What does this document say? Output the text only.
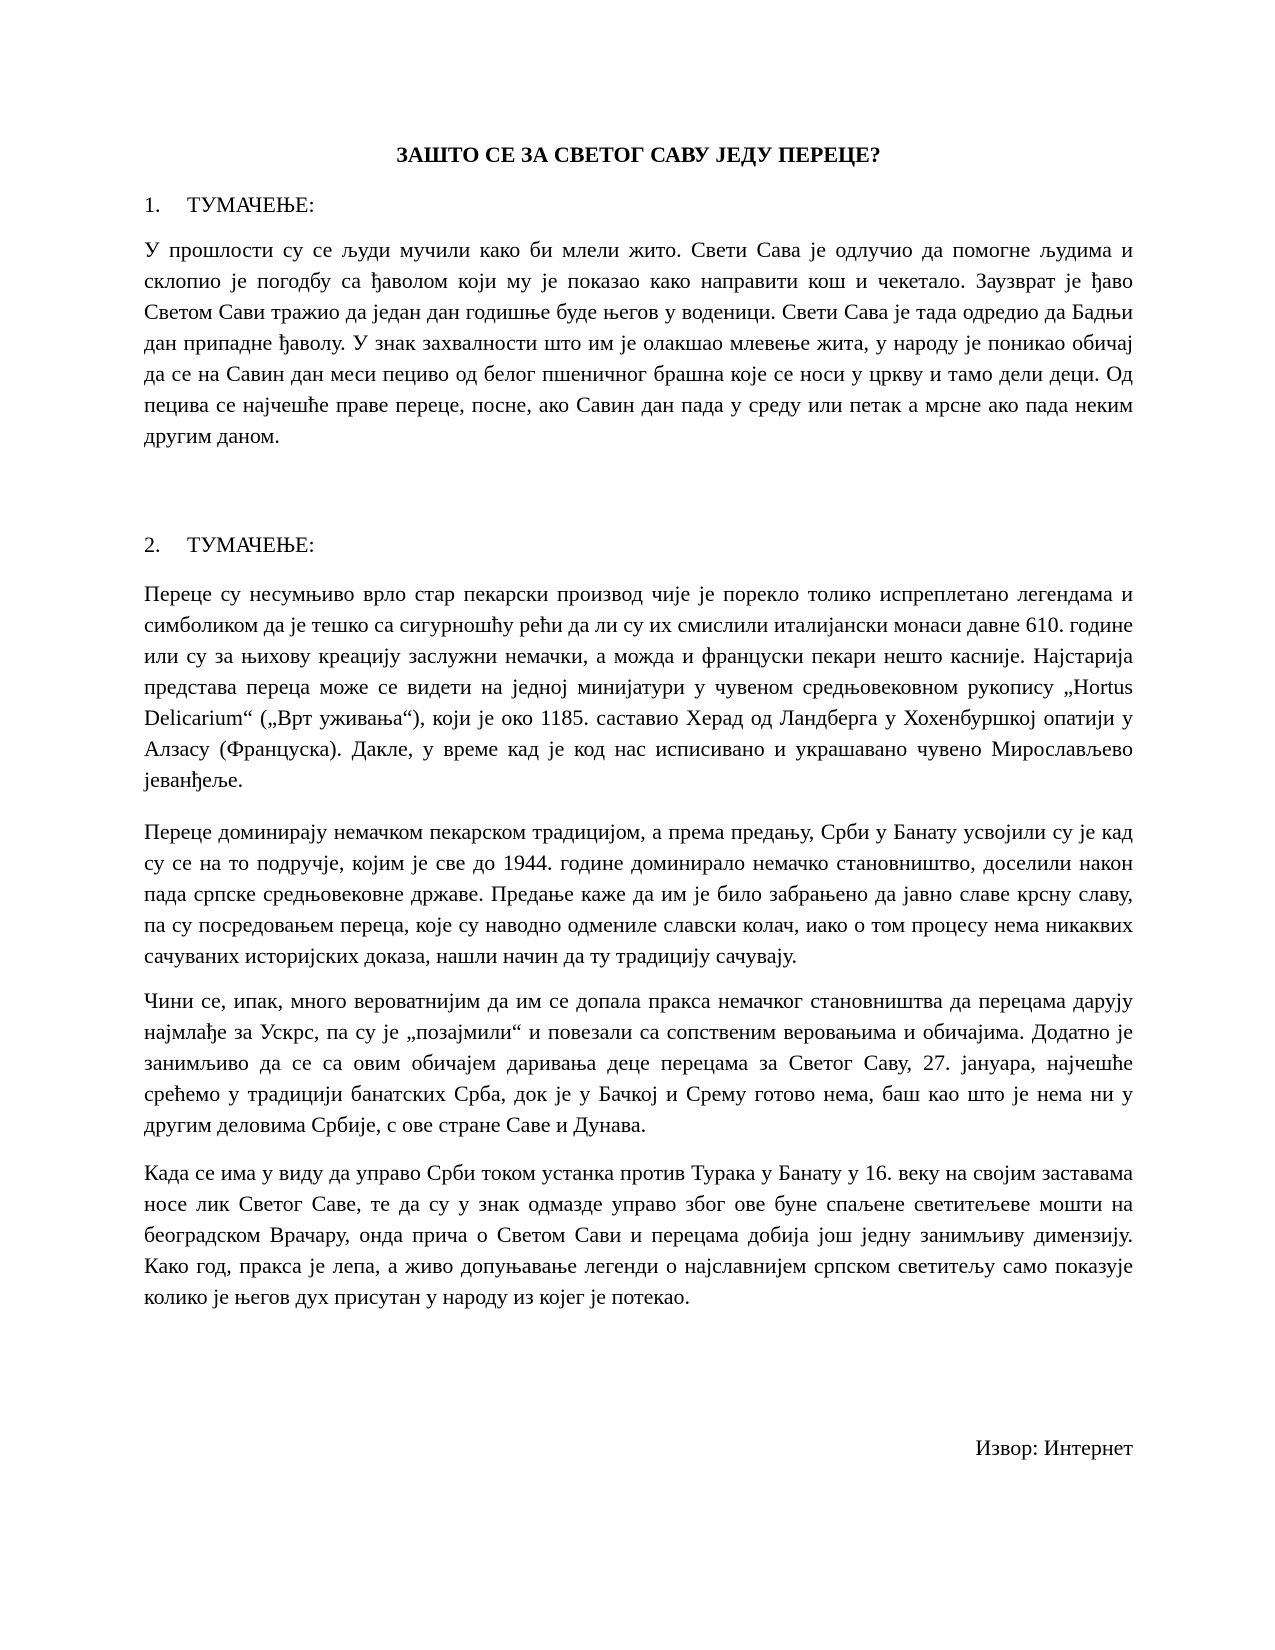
ЗАШТО СЕ ЗА СВЕТОГ САВУ ЈЕДУ ПЕРЕЦЕ?
1. ТУМАЧЕЊЕ:

У прошлости су се људи мучили како би млели жито. Свети Сава је одлучио да помогне људима и склопио је погодбу са ђаволом који му је показао како направити кош и чекетало. Заузврат је ђаво Светом Сави тражио да један дан годишње буде његов у воденици. Свети Сава је тада одредио да Бадњи дан припадне ђаволу. У знак захвалности што им је олакшао млевење жита, у народу је поникао обичај да се на Савин дан меси пециво од белог пшеничног брашна које се носи у цркву и тамо дели деци. Од пецива се најчешће праве переце, посне, ако Савин дан пада у среду или петак а мрсне ако пада неким другим даном.

2. ТУМАЧЕЊЕ:

Переце су несумњиво врло стар пекарски производ чије је порекло толико испреплетано легендама и симболиком да је тешко са сигурношћу рећи да ли су их смислили италијански монаси давне 610. године или су за њихову креацију заслужни немачки, а можда и француски пекари нешто касније. Најстарија представа переца може се видети на једној минијатури у чувеном средњовековном рукопису „Hortus Delicarium“ („Врт уживања“), који је око 1185. саставио Херад од Ландберга у Хохенбуршкој опатији у Алзасу (Француска). Дакле, у време кад је код нас исписивано и украшавано чувено Мирослављево јеванђеље.

Переце доминирају немачком пекарском традицијом, а према предању, Срби у Банату усвојили су је кад су се на то подручје, којим је све до 1944. године доминирало немачко становништво, доселили након пада српске средњовековне државе. Предање каже да им је било забрањено да јавно славе крсну славу, па су посредовањем переца, које су наводно одмениле славски колач, иако о том процесу нема никаквих сачуваних историјских доказа, нашли начин да ту традицију сачувају.

Чини се, ипак, много вероватнијим да им се допала пракса немачког становништва да перецама дарују најмлађе за Ускрс, па су је „позајмили“ и повезали са сопственим веровањима и обичајима. Додатно је занимљиво да се са овим обичајем даривања деце перецама за Светог Саву, 27. јануара, најчешће срећемо у традицији банатских Срба, док је у Бачкој и Срему готово нема, баш као што је нема ни у другим деловима Србије, с ове стране Саве и Дунава.

Када се има у виду да управо Срби током устанка против Турака у Банату у 16. веку на својим заставама носе лик Светог Саве, те да су у знак одмазде управо због ове буне спаљене светитељеве мошти на београдском Врачару, онда прича о Светом Сави и перецама добија још једну занимљиву димензију. Како год, пракса је лепа, а живо допуњавање легенди о најславнијем српском светитељу само показује колико је његов дух присутан у народу из којег је потекао.

Извор: Интернет
